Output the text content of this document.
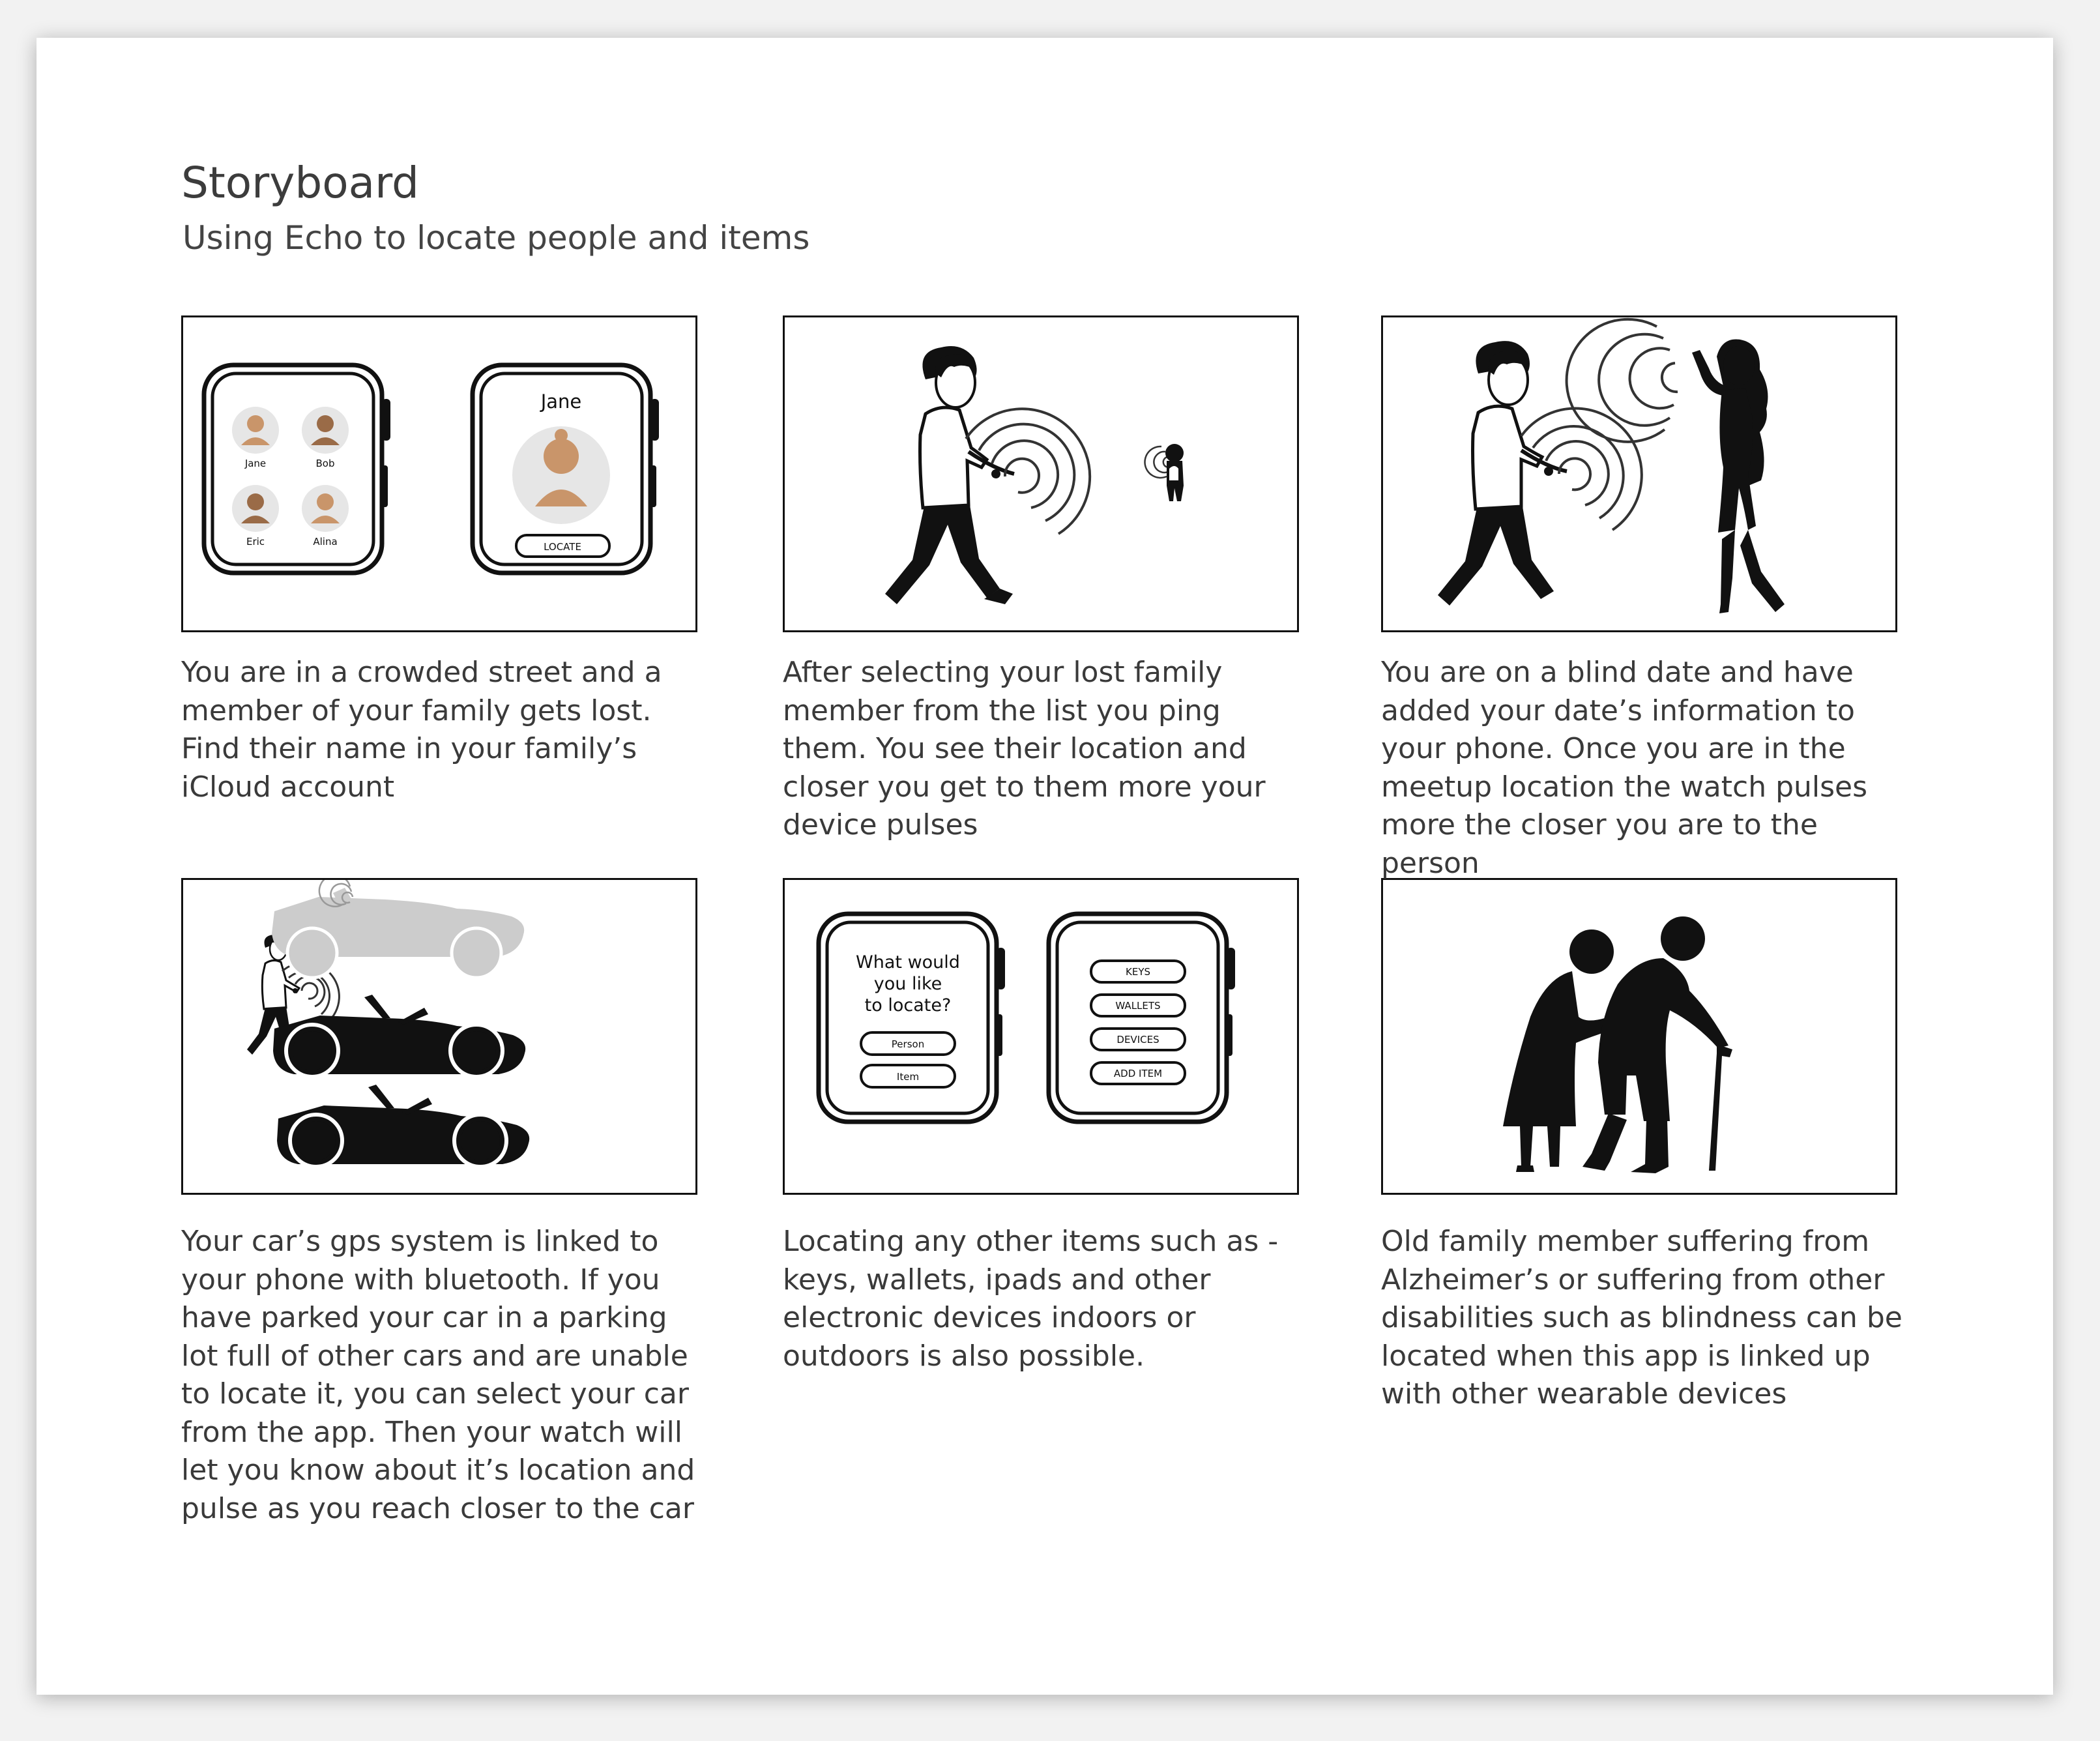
Storyboard
Using Echo to locate people and items
Jane	Bob
Eric	Alina
Jane
LOCATE
What would
you like
to locate?
Person
Item
KEYS
WALLETS
DEVICES
ADD ITEM

You are in a crowded street and a member of your family gets lost. Find their name in your family’s iCloud account

After selecting your lost family member from the list you ping them. You see their location and closer you get to them more your device pulses

You are on a blind date and have added your date’s information to your phone. Once you are in the meetup location the watch pulses more the closer you are to the person

Your car’s gps system is linked to your phone with bluetooth. If you have parked your car in a parking lot full of other cars and are unable to locate it, you can select your car from the app. Then your watch will let you know about it’s location and pulse as you reach closer to the car

Locating any other items such as - keys, wallets, ipads and other electronic devices indoors or outdoors is also possible.

Old family member suffering from Alzheimer’s or suffering from other disabilities such as blindness can be located when this app is linked up with other wearable devices
